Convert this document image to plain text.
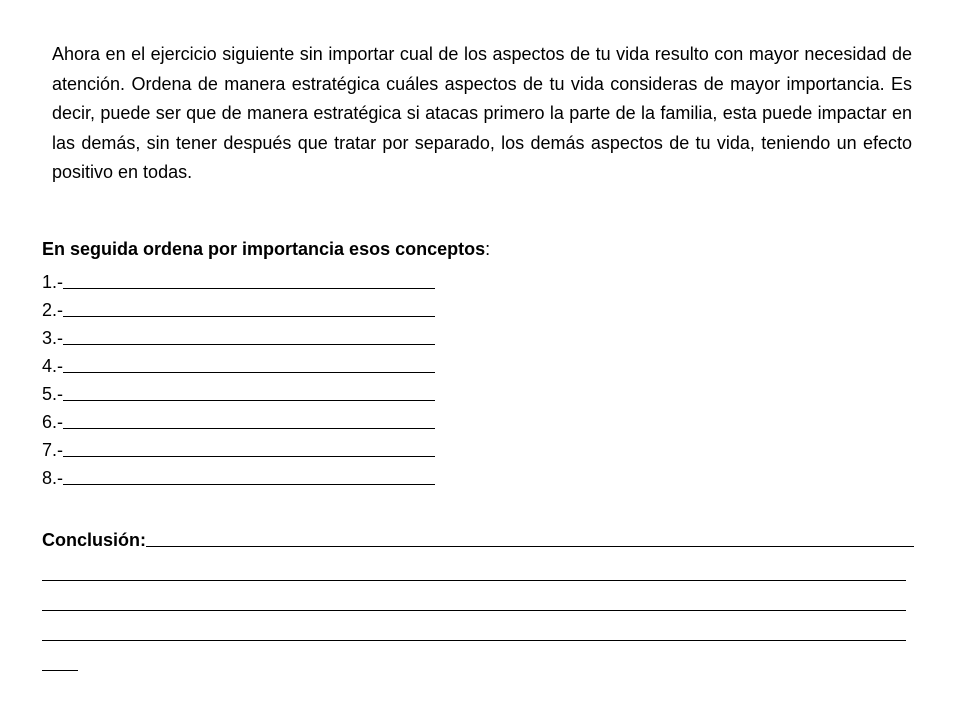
Ahora en el ejercicio siguiente sin importar cual de los aspectos de tu vida resulto con mayor necesidad de atención. Ordena de manera estratégica cuáles aspectos de tu vida consideras de mayor importancia. Es decir, puede ser que de manera estratégica si atacas primero la parte de la familia, esta puede impactar en las demás, sin tener después que tratar por separado, los demás aspectos de tu vida, teniendo un efecto positivo en todas.

En seguida ordena por importancia esos conceptos:

1.-
2.-
3.-
4.-
5.-
6.-
7.-
8.-
Conclusión:
